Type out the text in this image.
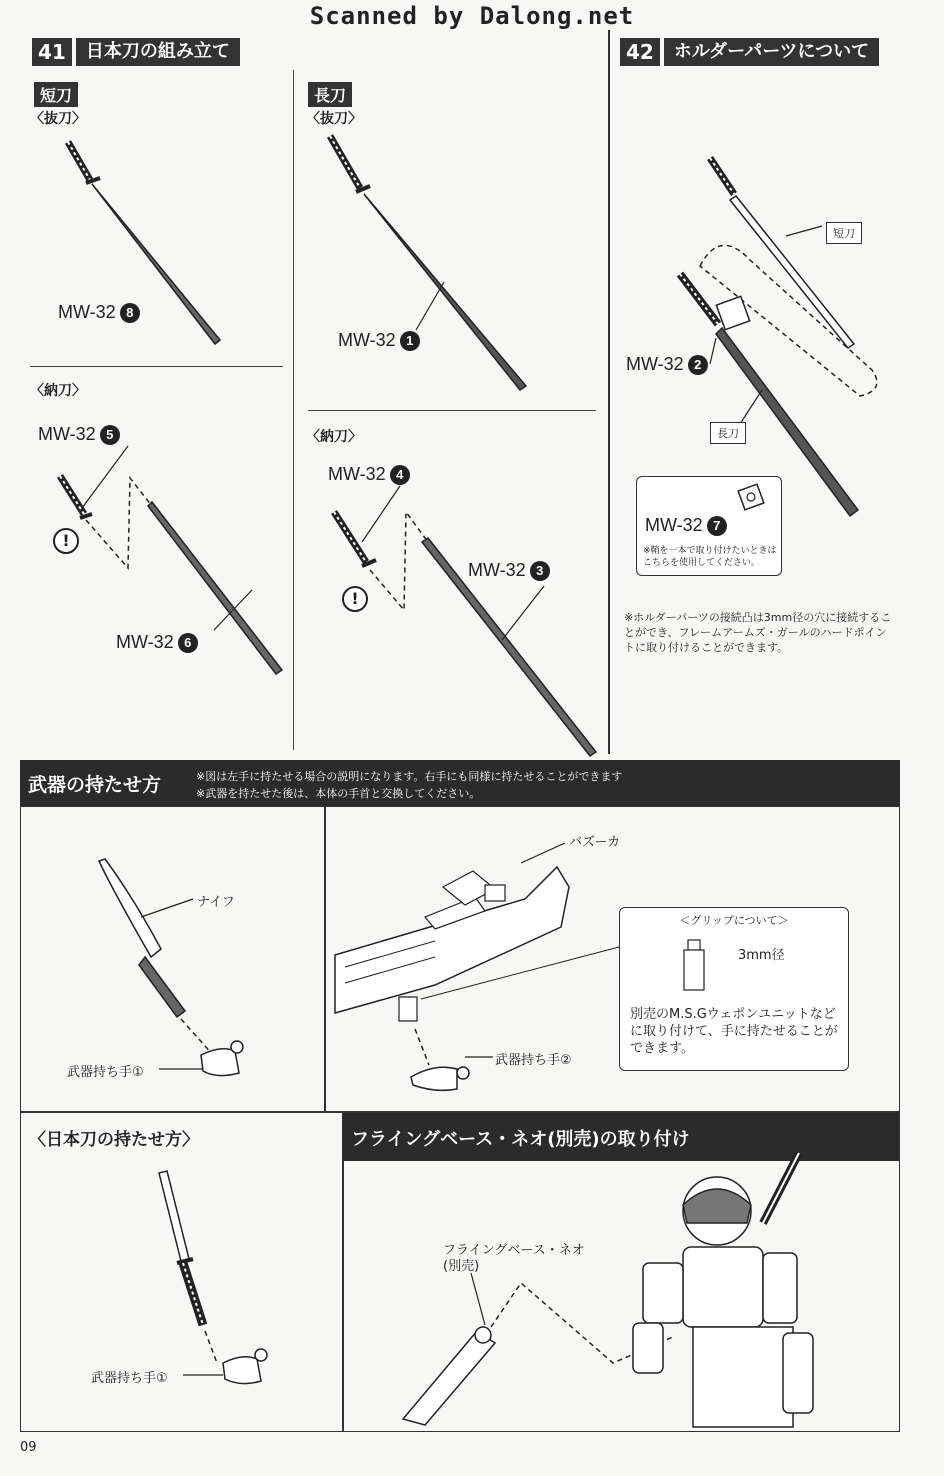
Scanned by Dalong.net
41	日本刀の組み立て
短刀
〈抜刀〉
MW-32 8
〈納刀〉
MW-32 5
!
MW-32 6
長刀
〈抜刀〉
MW-32 1
〈納刀〉
MW-32 4
!
MW-32 3
42	ホルダーパーツについて
短刀
長刀
MW-32 2
MW-32 7
※鞘を一本で取り付けたいときはこちらを使用してください。
※ホルダーパーツの接続凸は3mm径の穴に接続することができ、フレームアームズ・ガールのハードポイントに取り付けることができます。
武器の持たせ方	※図は左手に持たせる場合の説明になります。右手にも同様に持たせることができます
※武器を持たせた後は、本体の手首と交換してください。
ナイフ
武器持ち手①
バズーカ
武器持ち手②
＜グリップについて＞
3mm径
別売のM.S.Gウェポンユニットなどに取り付けて、手に持たせることができます。
〈日本刀の持たせ方〉
武器持ち手①
フライングベース・ネオ(別売)の取り付け
フライングベース・ネオ
(別売)
09
